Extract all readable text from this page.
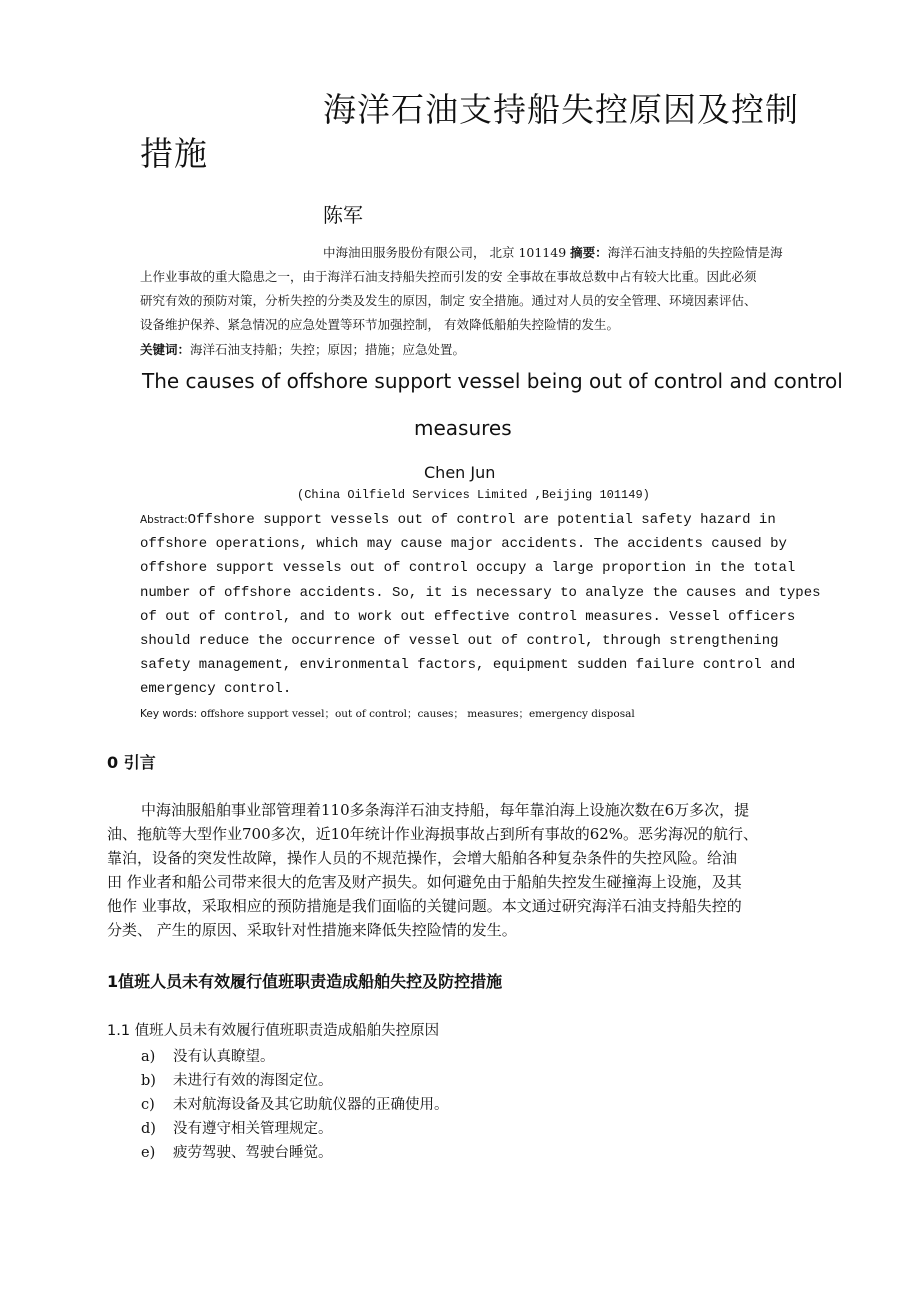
海洋石油支持船失控原因及控制
措施
陈军
中海油田服务股份有限公司， 北京 101149 摘要：海洋石油支持船的失控险情是海
上作业事故的重大隐患之一，由于海洋石油支持船失控而引发的安 全事故在事故总数中占有较大比重。因此必须
研究有效的预防对策，分析失控的分类及发生的原因，制定 安全措施。通过对人员的安全管理、环境因素评估、
设备维护保养、紧急情况的应急处置等环节加强控制， 有效降低船舶失控险情的发生。
关键词：海洋石油支持船；失控；原因；措施；应急处置。
The causes of offshore support vessel being out of control and control
measures
Chen Jun
(China Oilfield Services Limited ,Beijing 101149)
Abstract:Offshore support vessels out of control are potential safety hazard in
offshore operations, which may cause major accidents. The accidents caused by
offshore support vessels out of control occupy a large proportion in the total
number of offshore accidents. So, it is necessary to analyze the causes and types
of out of control, and to work out effective control measures. Vessel officers
should reduce the occurrence of vessel out of control, through strengthening
safety management, environmental factors, equipment sudden failure control and
emergency control.
Key words: offshore support vessel；out of control；causes； measures；emergency disposal
0 引言
中海油服船舶事业部管理着110多条海洋石油支持船，每年靠泊海上设施次数在6万多次，提
油、拖航等大型作业700多次，近10年统计作业海损事故占到所有事故的62%。恶劣海况的航行、
靠泊，设备的突发性故障，操作人员的不规范操作，会增大船舶各种复杂条件的失控风险。给油
田 作业者和船公司带来很大的危害及财产损失。如何避免由于船舶失控发生碰撞海上设施，及其
他作 业事故，采取相应的预防措施是我们面临的关键问题。本文通过研究海洋石油支持船失控的
分类、 产生的原因、采取针对性措施来降低失控险情的发生。
1值班人员未有效履行值班职责造成船舶失控及防控措施
1.1 值班人员未有效履行值班职责造成船舶失控原因
a) 没有认真瞭望。
b) 未进行有效的海图定位。
c) 未对航海设备及其它助航仪器的正确使用。
d) 没有遵守相关管理规定。
e) 疲劳驾驶、驾驶台睡觉。
